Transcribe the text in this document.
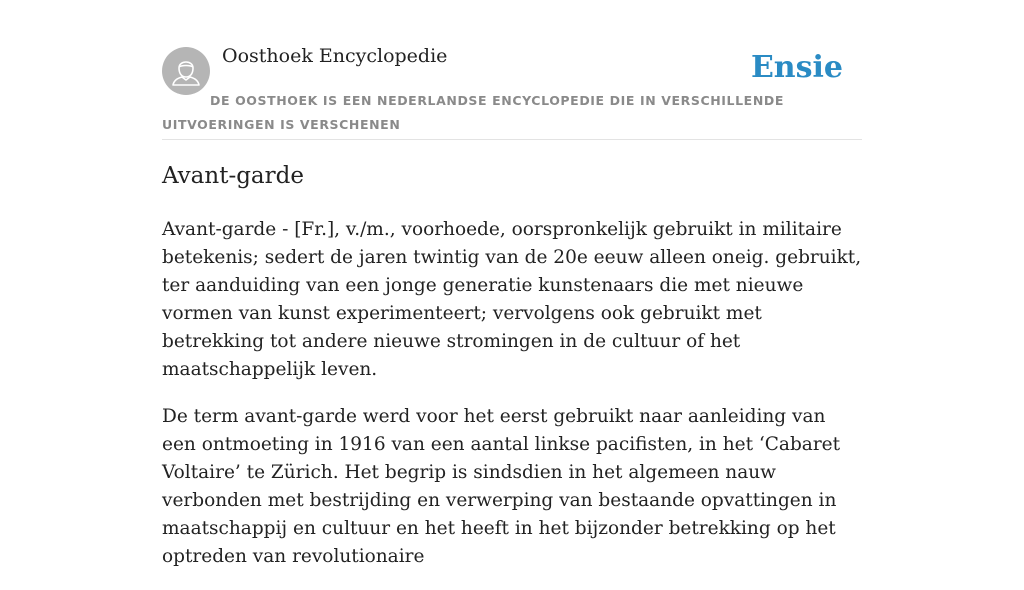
Oosthoek Encyclopedie	Ensie
DE OOSTHOEK IS EEN NEDERLANDSE ENCYCLOPEDIE DIE IN VERSCHILLENDE UITVOERINGEN IS VERSCHENEN
Avant-garde

Avant-garde - [Fr.], v./m., voorhoede, oorspronkelijk gebruikt in militaire betekenis; sedert de jaren twintig van de 20e eeuw alleen oneig. gebruikt, ter aanduiding van een jonge generatie kunstenaars die met nieuwe vormen van kunst experimenteert; vervolgens ook gebruikt met betrekking tot andere nieuwe stromingen in de cultuur of het maatschappelijk leven.

De term avant-garde werd voor het eerst gebruikt naar aanleiding van een ontmoeting in 1916 van een aantal linkse pacifisten, in het ‘Cabaret Voltaire’ te Zürich. Het begrip is sindsdien in het algemeen nauw verbonden met bestrijding en verwerping van bestaande opvattingen in maatschappij en cultuur en het heeft in het bijzonder betrekking op het optreden van revolutionaire
